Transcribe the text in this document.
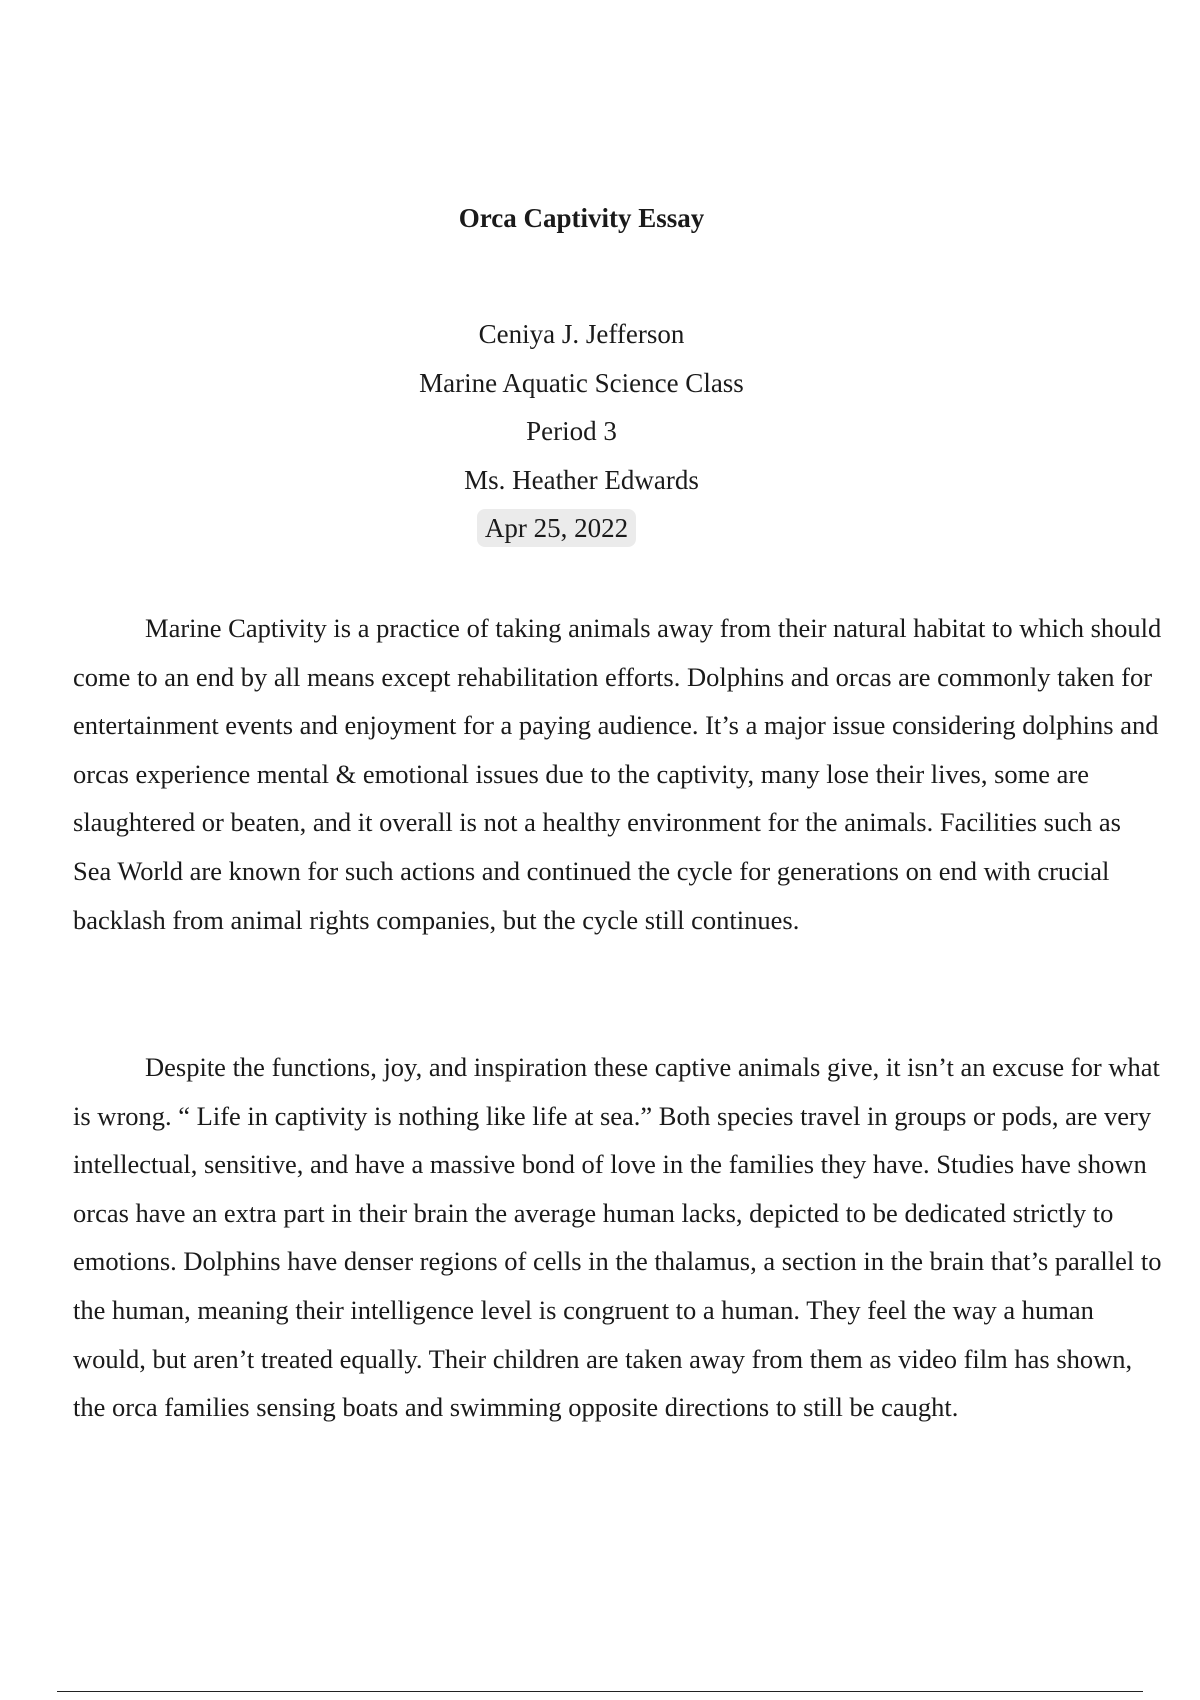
Orca Captivity Essay
Ceniya J. Jefferson
Marine Aquatic Science Class
Period 3
Ms. Heather Edwards
Apr 25, 2022

Marine Captivity is a practice of taking animals away from their natural habitat to which should come to an end by all means except rehabilitation efforts. Dolphins and orcas are commonly taken for entertainment events and enjoyment for a paying audience. It’s a major issue considering dolphins and orcas experience mental & emotional issues due to the captivity, many lose their lives, some are slaughtered or beaten, and it overall is not a healthy environment for the animals. Facilities such as Sea World are known for such actions and continued the cycle for generations on end with crucial backlash from animal rights companies, but the cycle still continues.

Despite the functions, joy, and inspiration these captive animals give, it isn’t an excuse for what is wrong. “ Life in captivity is nothing like life at sea.” Both species travel in groups or pods, are very intellectual, sensitive, and have a massive bond of love in the families they have. Studies have shown orcas have an extra part in their brain the average human lacks, depicted to be dedicated strictly to emotions. Dolphins have denser regions of cells in the thalamus, a section in the brain that’s parallel to the human, meaning their intelligence level is congruent to a human. They feel the way a human would, but aren’t treated equally. Their children are taken away from them as video film has shown, the orca families sensing boats and swimming opposite directions to still be caught.
